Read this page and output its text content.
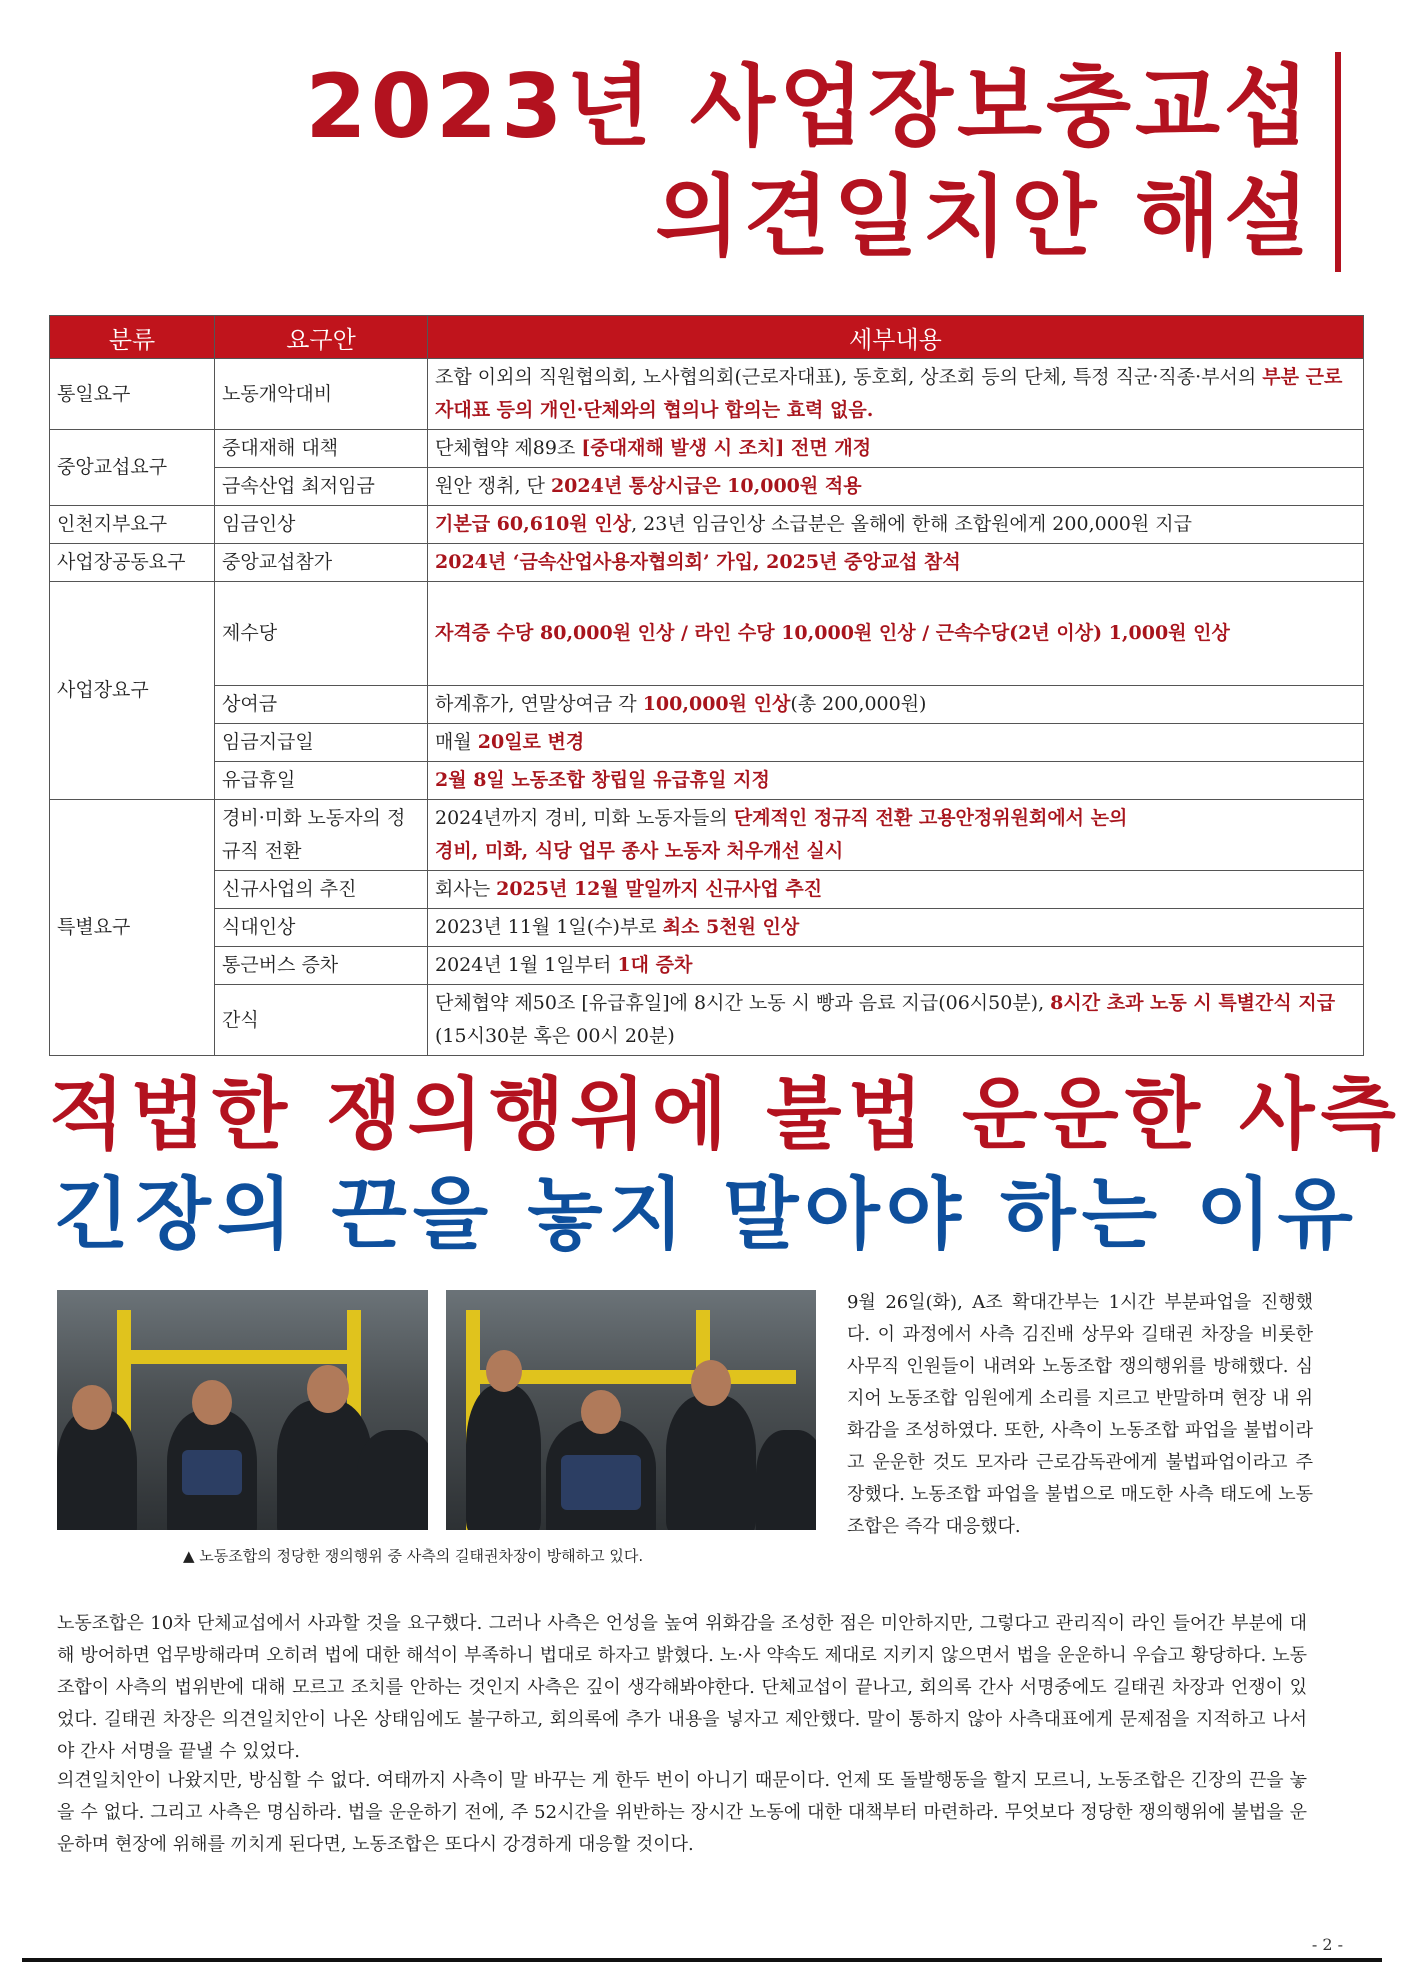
2023년 사업장보충교섭
의견일치안 해설
분류	요구안	세부내용
통일요구	노동개악대비	조합 이외의 직원협의회, 노사협의회(근로자대표), 동호회, 상조회 등의 단체, 특정 직군·직종·부서의 부분 근로자대표 등의 개인·단체와의 협의나 합의는 효력 없음.
중앙교섭요구	중대재해 대책	단체협약 제89조 [중대재해 발생 시 조치] 전면 개정
	금속산업 최저임금	원안 쟁취, 단 2024년 통상시급은 10,000원 적용
인천지부요구	임금인상	기본급 60,610원 인상, 23년 임금인상 소급분은 올해에 한해 조합원에게 200,000원 지급
사업장공동요구	중앙교섭참가	2024년 ‘금속산업사용자협의회’ 가입, 2025년 중앙교섭 참석
사업장요구	제수당	자격증 수당 80,000원 인상 / 라인 수당 10,000원 인상 / 근속수당(2년 이상) 1,000원 인상
	상여금	하계휴가, 연말상여금 각 100,000원 인상(총 200,000원)
	임금지급일	매월 20일로 변경
	유급휴일	2월 8일 노동조합 창립일 유급휴일 지정
특별요구	경비·미화 노동자의 정규직 전환	2024년까지 경비, 미화 노동자들의 단계적인 정규직 전환 고용안정위원회에서 논의
경비, 미화, 식당 업무 종사 노동자 처우개선 실시
	신규사업의 추진	회사는 2025년 12월 말일까지 신규사업 추진
	식대인상	2023년 11월 1일(수)부로 최소 5천원 인상
	통근버스 증차	2024년 1월 1일부터 1대 증차
	간식	단체협약 제50조 [유급휴일]에 8시간 노동 시 빵과 음료 지급(06시50분), 8시간 초과 노동 시 특별간식 지급(15시30분 혹은 00시 20분)
적법한 쟁의행위에 불법 운운한 사측
긴장의 끈을 놓지 말아야 하는 이유
▲ 노동조합의 정당한 쟁의행위 중 사측의 길태권차장이 방해하고 있다.
9월 26일(화), A조 확대간부는 1시간 부분파업을 진행했다. 이 과정에서 사측 김진배 상무와 길태권 차장을 비롯한 사무직 인원들이 내려와 노동조합 쟁의행위를 방해했다. 심지어 노동조합 임원에게 소리를 지르고 반말하며 현장 내 위화감을 조성하였다. 또한, 사측이 노동조합 파업을 불법이라고 운운한 것도 모자라 근로감독관에게 불법파업이라고 주장했다. 노동조합 파업을 불법으로 매도한 사측 태도에 노동조합은 즉각 대응했다.
노동조합은 10차 단체교섭에서 사과할 것을 요구했다. 그러나 사측은 언성을 높여 위화감을 조성한 점은 미안하지만, 그렇다고 관리직이 라인 들어간 부분에 대해 방어하면 업무방해라며 오히려 법에 대한 해석이 부족하니 법대로 하자고 밝혔다. 노·사 약속도 제대로 지키지 않으면서 법을 운운하니 우습고 황당하다. 노동조합이 사측의 법위반에 대해 모르고 조치를 안하는 것인지 사측은 깊이 생각해봐야한다. 단체교섭이 끝나고, 회의록 간사 서명중에도 길태권 차장과 언쟁이 있었다. 길태권 차장은 의견일치안이 나온 상태임에도 불구하고, 회의록에 추가 내용을 넣자고 제안했다. 말이 통하지 않아 사측대표에게 문제점을 지적하고 나서야 간사 서명을 끝낼 수 있었다.
의견일치안이 나왔지만, 방심할 수 없다. 여태까지 사측이 말 바꾸는 게 한두 번이 아니기 때문이다. 언제 또 돌발행동을 할지 모르니, 노동조합은 긴장의 끈을 놓을 수 없다. 그리고 사측은 명심하라. 법을 운운하기 전에, 주 52시간을 위반하는 장시간 노동에 대한 대책부터 마련하라. 무엇보다 정당한 쟁의행위에 불법을 운운하며 현장에 위해를 끼치게 된다면, 노동조합은 또다시 강경하게 대응할 것이다.
- 2 -
